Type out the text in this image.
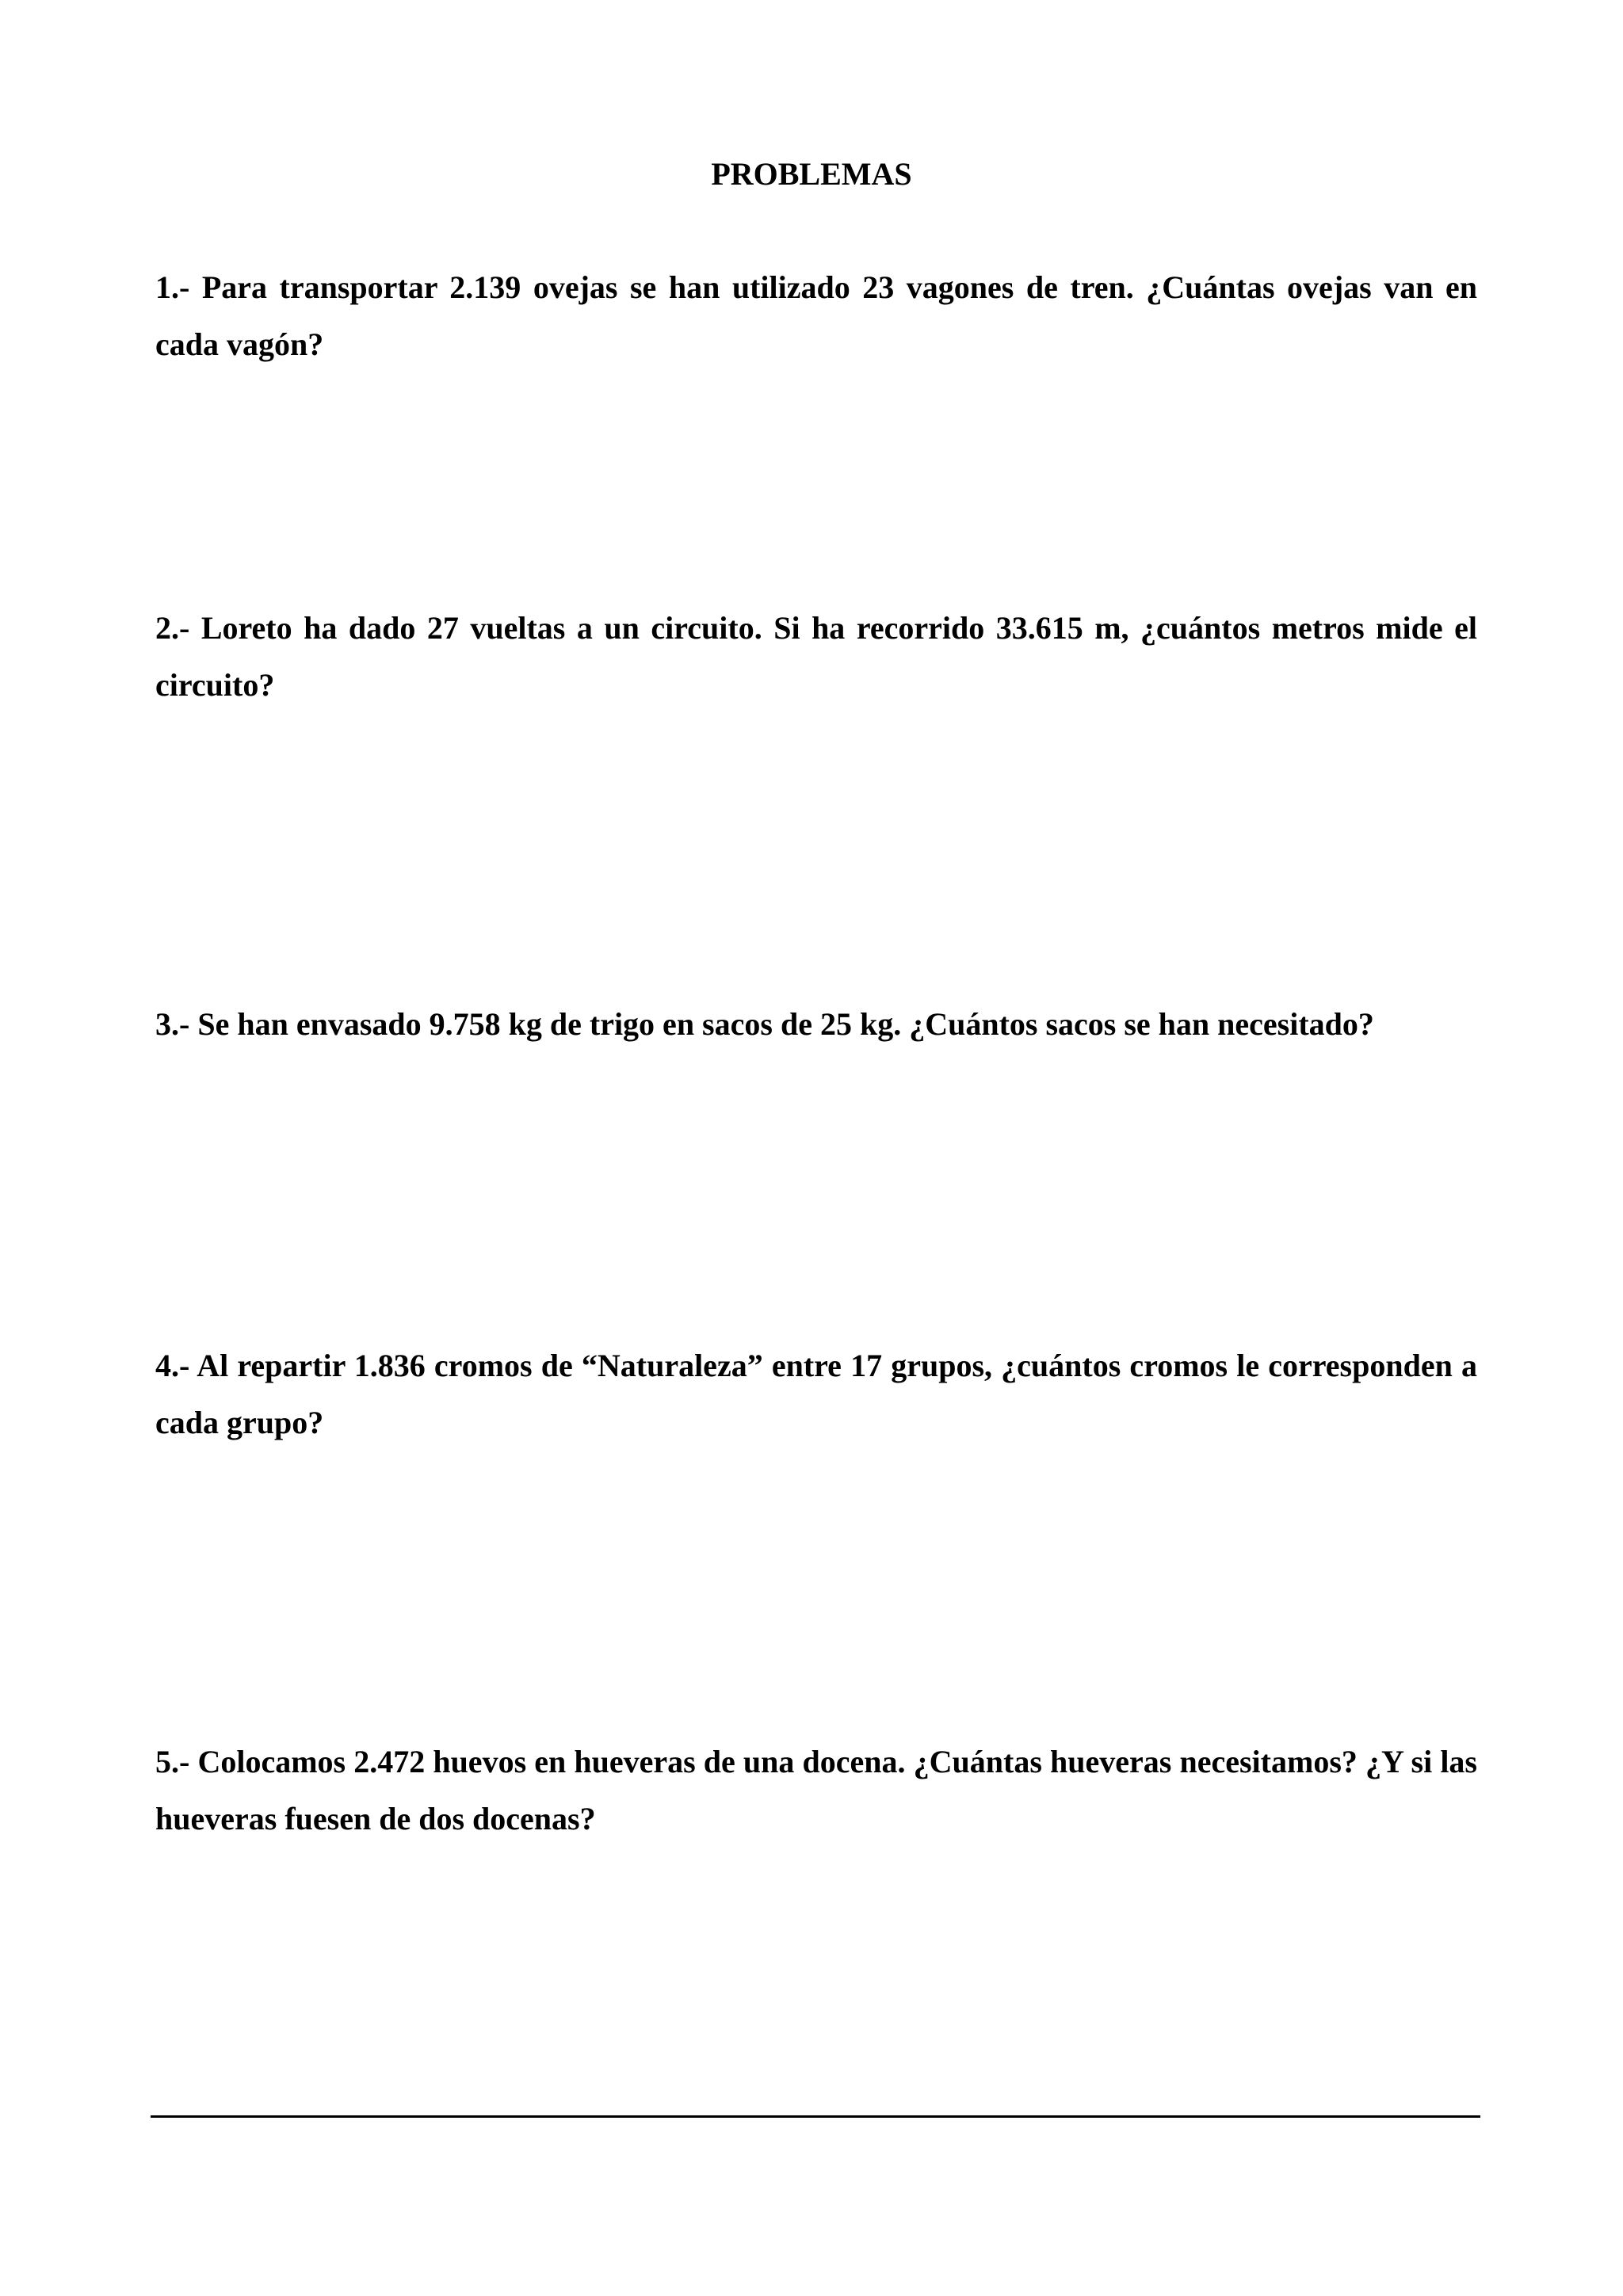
PROBLEMAS

1.- Para transportar 2.139 ovejas se han utilizado 23 vagones de tren. ¿Cuántas ovejas van en cada vagón?

2.- Loreto ha dado 27 vueltas a un circuito. Si ha recorrido 33.615 m, ¿cuántos metros mide el circuito?

3.- Se han envasado 9.758 kg de trigo en sacos de 25 kg. ¿Cuántos sacos se han necesitado?

4.- Al repartir 1.836 cromos de “Naturaleza” entre 17 grupos, ¿cuántos cromos le corresponden a cada grupo?

5.- Colocamos 2.472 huevos en hueveras de una docena. ¿Cuántas hueveras necesitamos? ¿Y si las hueveras fuesen de dos docenas?
